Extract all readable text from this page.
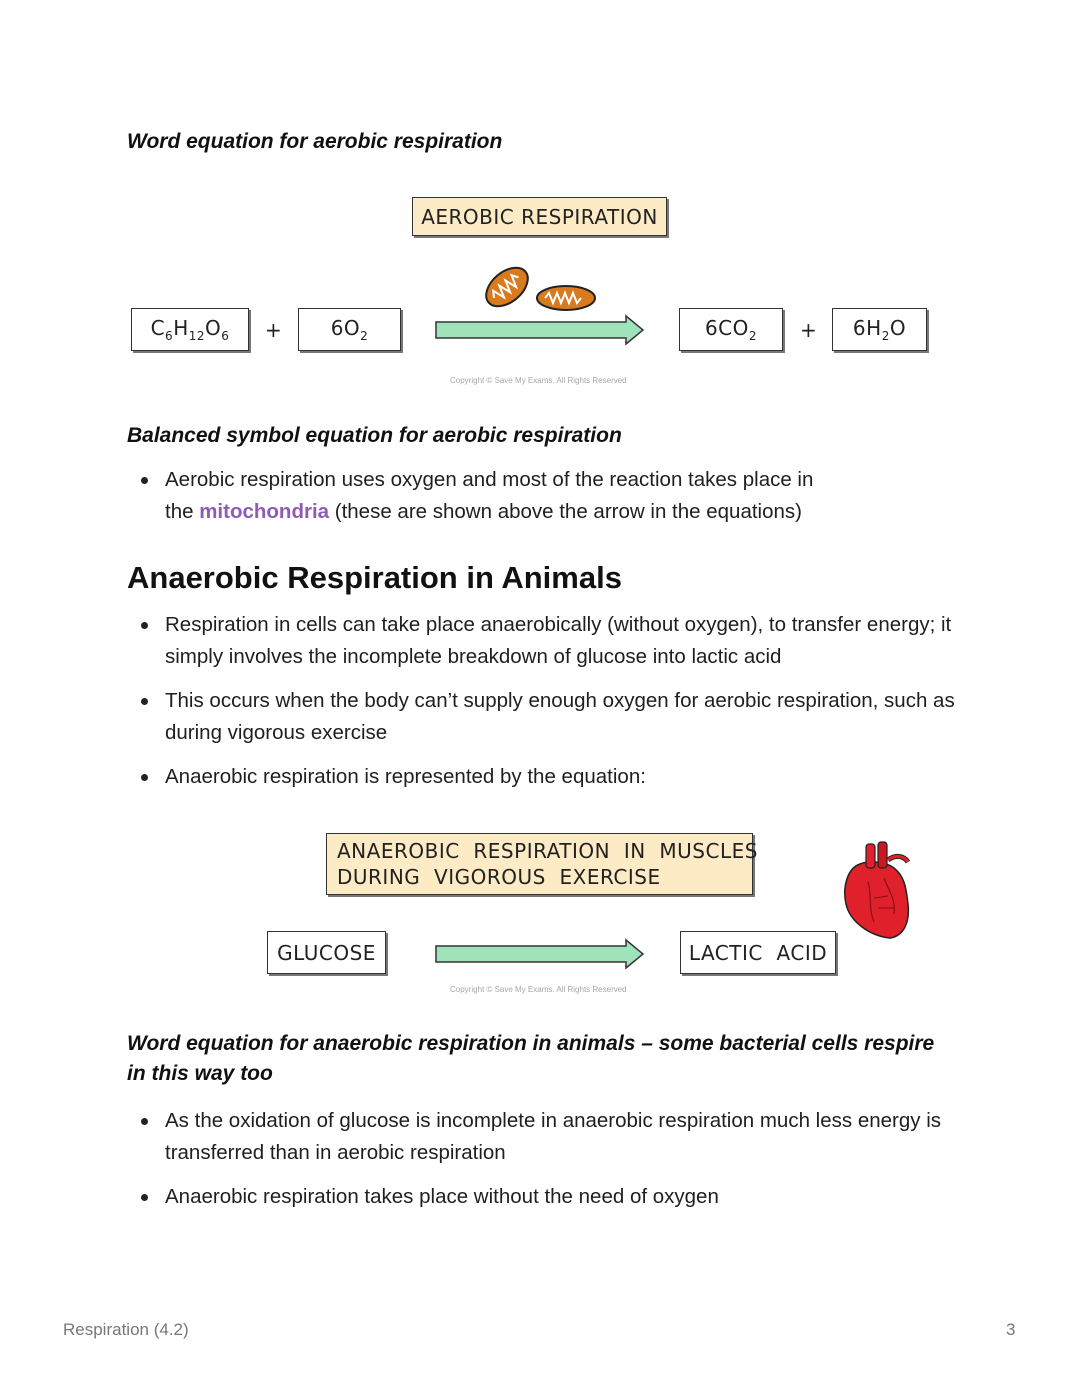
Word equation for aerobic respiration
AEROBIC RESPIRATION
$C_6H_{12}O_6 + 6O_2$	$6CO_2 + 6H_2O$
Copyright © Save My Exams. All Rights Reserved
Balanced symbol equation for aerobic respiration
Aerobic respiration uses oxygen and most of the reaction takes place in the mitochondria (these are shown above the arrow in the equations)
Anaerobic Respiration in Animals
Respiration in cells can take place anaerobically (without oxygen), to transfer energy; it simply involves the incomplete breakdown of glucose into lactic acid
This occurs when the body can’t supply enough oxygen for aerobic respiration, such as during vigorous exercise
Anaerobic respiration is represented by the equation:
ANAEROBIC  RESPIRATION  IN  MUSCLES
DURING  VIGOROUS  EXERCISE
GLUCOSE	LACTIC  ACID
Copyright © Save My Exams. All Rights Reserved
Word equation for anaerobic respiration in animals – some bacterial cells respire in this way too
As the oxidation of glucose is incomplete in anaerobic respiration much less energy is transferred than in aerobic respiration
Anaerobic respiration takes place without the need of oxygen
Respiration (4.2)	3
